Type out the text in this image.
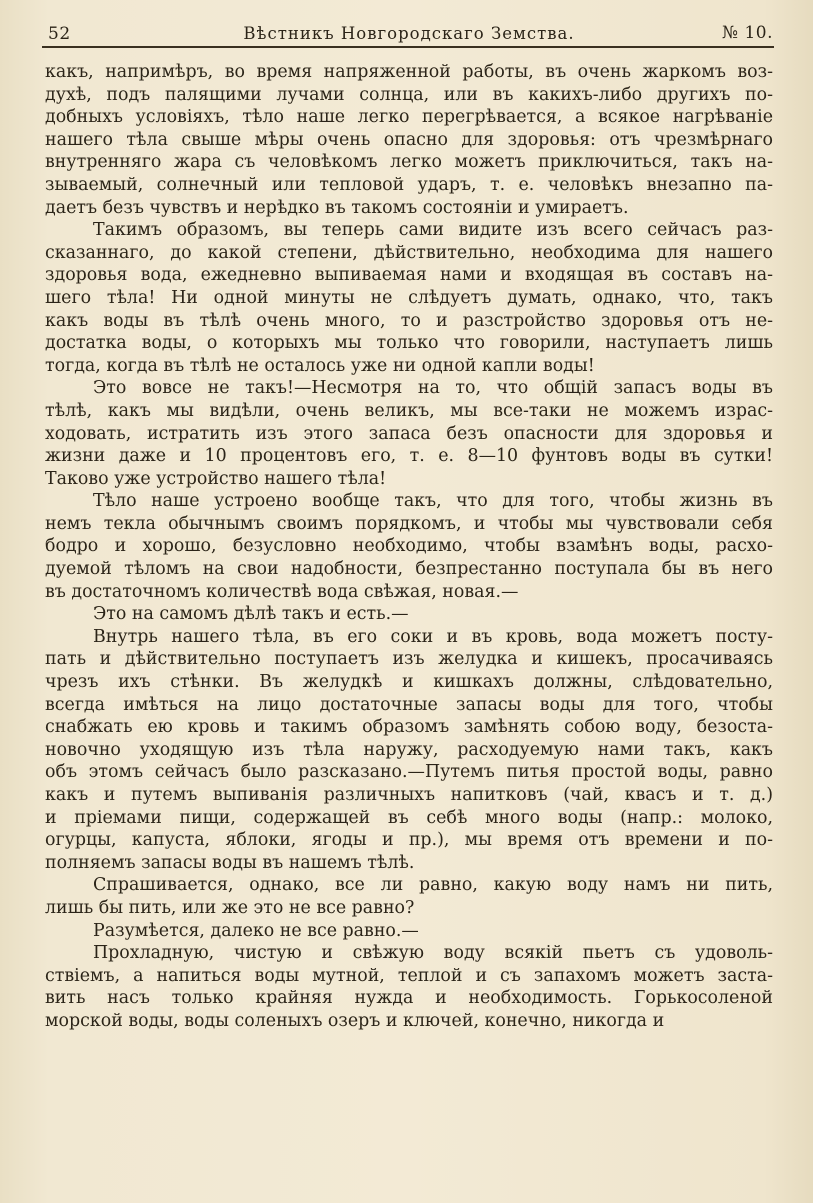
52	Вѣстникъ Новгородскаго Земства.	№ 10.
какъ, напримѣръ, во время напряженной работы, въ очень жаркомъ воз-
духѣ, подъ палящими лучами солнца, или въ какихъ-либо другихъ по-
добныхъ условіяхъ, тѣло наше легко перегрѣвается, а всякое нагрѣваніе
нашего тѣла свыше мѣры очень опасно для здоровья: отъ чрезмѣрнаго
внутренняго жара съ человѣкомъ легко можетъ приключиться, такъ на-
зываемый, солнечный или тепловой ударъ, т. е. человѣкъ внезапно па-
даетъ безъ чувствъ и нерѣдко въ такомъ состояніи и умираетъ.
Такимъ образомъ, вы теперь сами видите изъ всего сейчасъ раз-
сказаннаго, до какой степени, дѣйствительно, необходима для нашего
здоровья вода, ежедневно выпиваемая нами и входящая въ составъ на-
шего тѣла! Ни одной минуты не слѣдуетъ думать, однако, что, такъ
какъ воды въ тѣлѣ очень много, то и разстройство здоровья отъ не-
достатка воды, о которыхъ мы только что говорили, наступаетъ лишь
тогда, когда въ тѣлѣ не осталось уже ни одной капли воды!
Это вовсе не такъ!—Несмотря на то, что общій запасъ воды въ
тѣлѣ, какъ мы видѣли, очень великъ, мы все-таки не можемъ израс-
ходовать, истратить изъ этого запаса безъ опасности для здоровья и
жизни даже и 10 процентовъ его, т. е. 8—10 фунтовъ воды въ сутки!
Таково уже устройство нашего тѣла!
Тѣло наше устроено вообще такъ, что для того, чтобы жизнь въ
немъ текла обычнымъ своимъ порядкомъ, и чтобы мы чувствовали себя
бодро и хорошо, безусловно необходимо, чтобы взамѣнъ воды, расхо-
дуемой тѣломъ на свои надобности, безпрестанно поступала бы въ него
въ достаточномъ количествѣ вода свѣжая, новая.—
Это на самомъ дѣлѣ такъ и есть.—
Внутрь нашего тѣла, въ его соки и въ кровь, вода можетъ посту-
пать и дѣйствительно поступаетъ изъ желудка и кишекъ, просачиваясь
чрезъ ихъ стѣнки. Въ желудкѣ и кишкахъ должны, слѣдовательно,
всегда имѣться на лицо достаточные запасы воды для того, чтобы
снабжать ею кровь и такимъ образомъ замѣнять собою воду, безоста-
новочно уходящую изъ тѣла наружу, расходуемую нами такъ, какъ
объ этомъ сейчасъ было разсказано.—Путемъ питья простой воды, равно
какъ и путемъ выпиванія различныхъ напитковъ (чай, квасъ и т. д.)
и пріемами пищи, содержащей въ себѣ много воды (напр.: молоко,
огурцы, капуста, яблоки, ягоды и пр.), мы время отъ времени и по-
полняемъ запасы воды въ нашемъ тѣлѣ.
Спрашивается, однако, все ли равно, какую воду намъ ни пить,
лишь бы пить, или же это не все равно?
Разумѣется, далеко не все равно.—
Прохладную, чистую и свѣжую воду всякій пьетъ съ удоволь-
ствіемъ, а напиться воды мутной, теплой и съ запахомъ можетъ заста-
вить насъ только крайняя нужда и необходимость. Горькосоленой
морской воды, воды соленыхъ озеръ и ключей, конечно, никогда и
